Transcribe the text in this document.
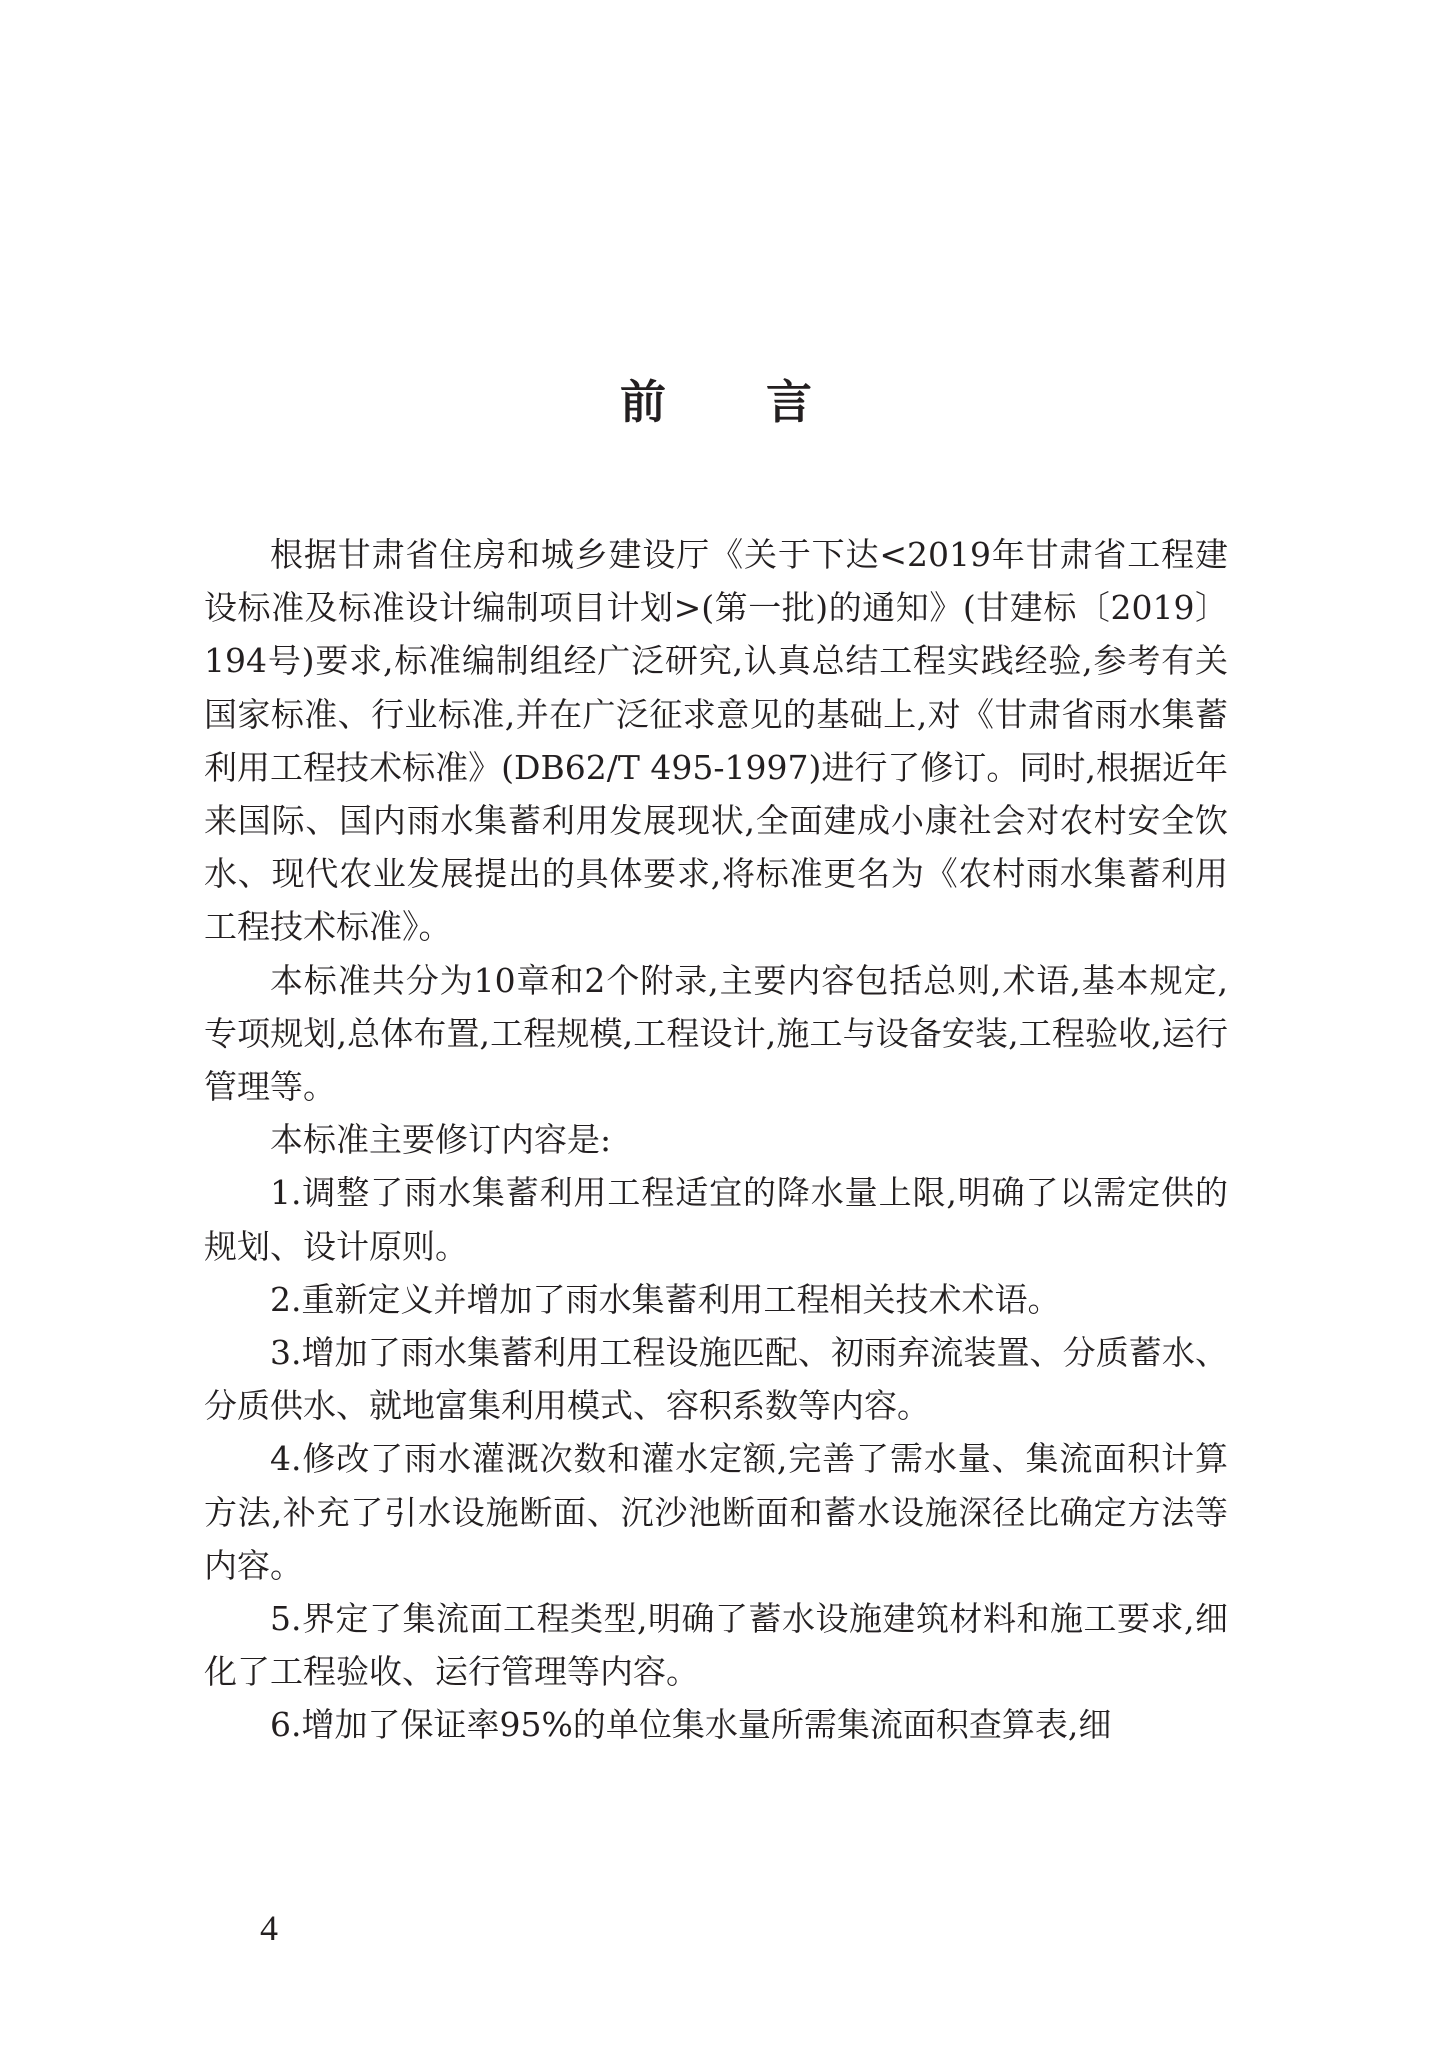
前 言

根据甘肃省住房和城乡建设厅《关于下达<2019年甘肃省工程建设标准及标准设计编制项目计划>(第一批)的通知》(甘建标〔2019〕194号)要求,标准编制组经广泛研究,认真总结工程实践经验,参考有关国家标准、行业标准,并在广泛征求意见的基础上,对《甘肃省雨水集蓄利用工程技术标准》(DB62/T 495-1997)进行了修订。同时,根据近年来国际、国内雨水集蓄利用发展现状,全面建成小康社会对农村安全饮水、现代农业发展提出的具体要求,将标准更名为《农村雨水集蓄利用工程技术标准》。

本标准共分为10章和2个附录,主要内容包括总则,术语,基本规定,专项规划,总体布置,工程规模,工程设计,施工与设备安装,工程验收,运行管理等。

本标准主要修订内容是:

1.调整了雨水集蓄利用工程适宜的降水量上限,明确了以需定供的规划、设计原则。

2.重新定义并增加了雨水集蓄利用工程相关技术术语。

3.增加了雨水集蓄利用工程设施匹配、初雨弃流装置、分质蓄水、分质供水、就地富集利用模式、容积系数等内容。

4.修改了雨水灌溉次数和灌水定额,完善了需水量、集流面积计算方法,补充了引水设施断面、沉沙池断面和蓄水设施深径比确定方法等内容。

5.界定了集流面工程类型,明确了蓄水设施建筑材料和施工要求,细化了工程验收、运行管理等内容。

6.增加了保证率95%的单位集水量所需集流面积查算表,细

4
